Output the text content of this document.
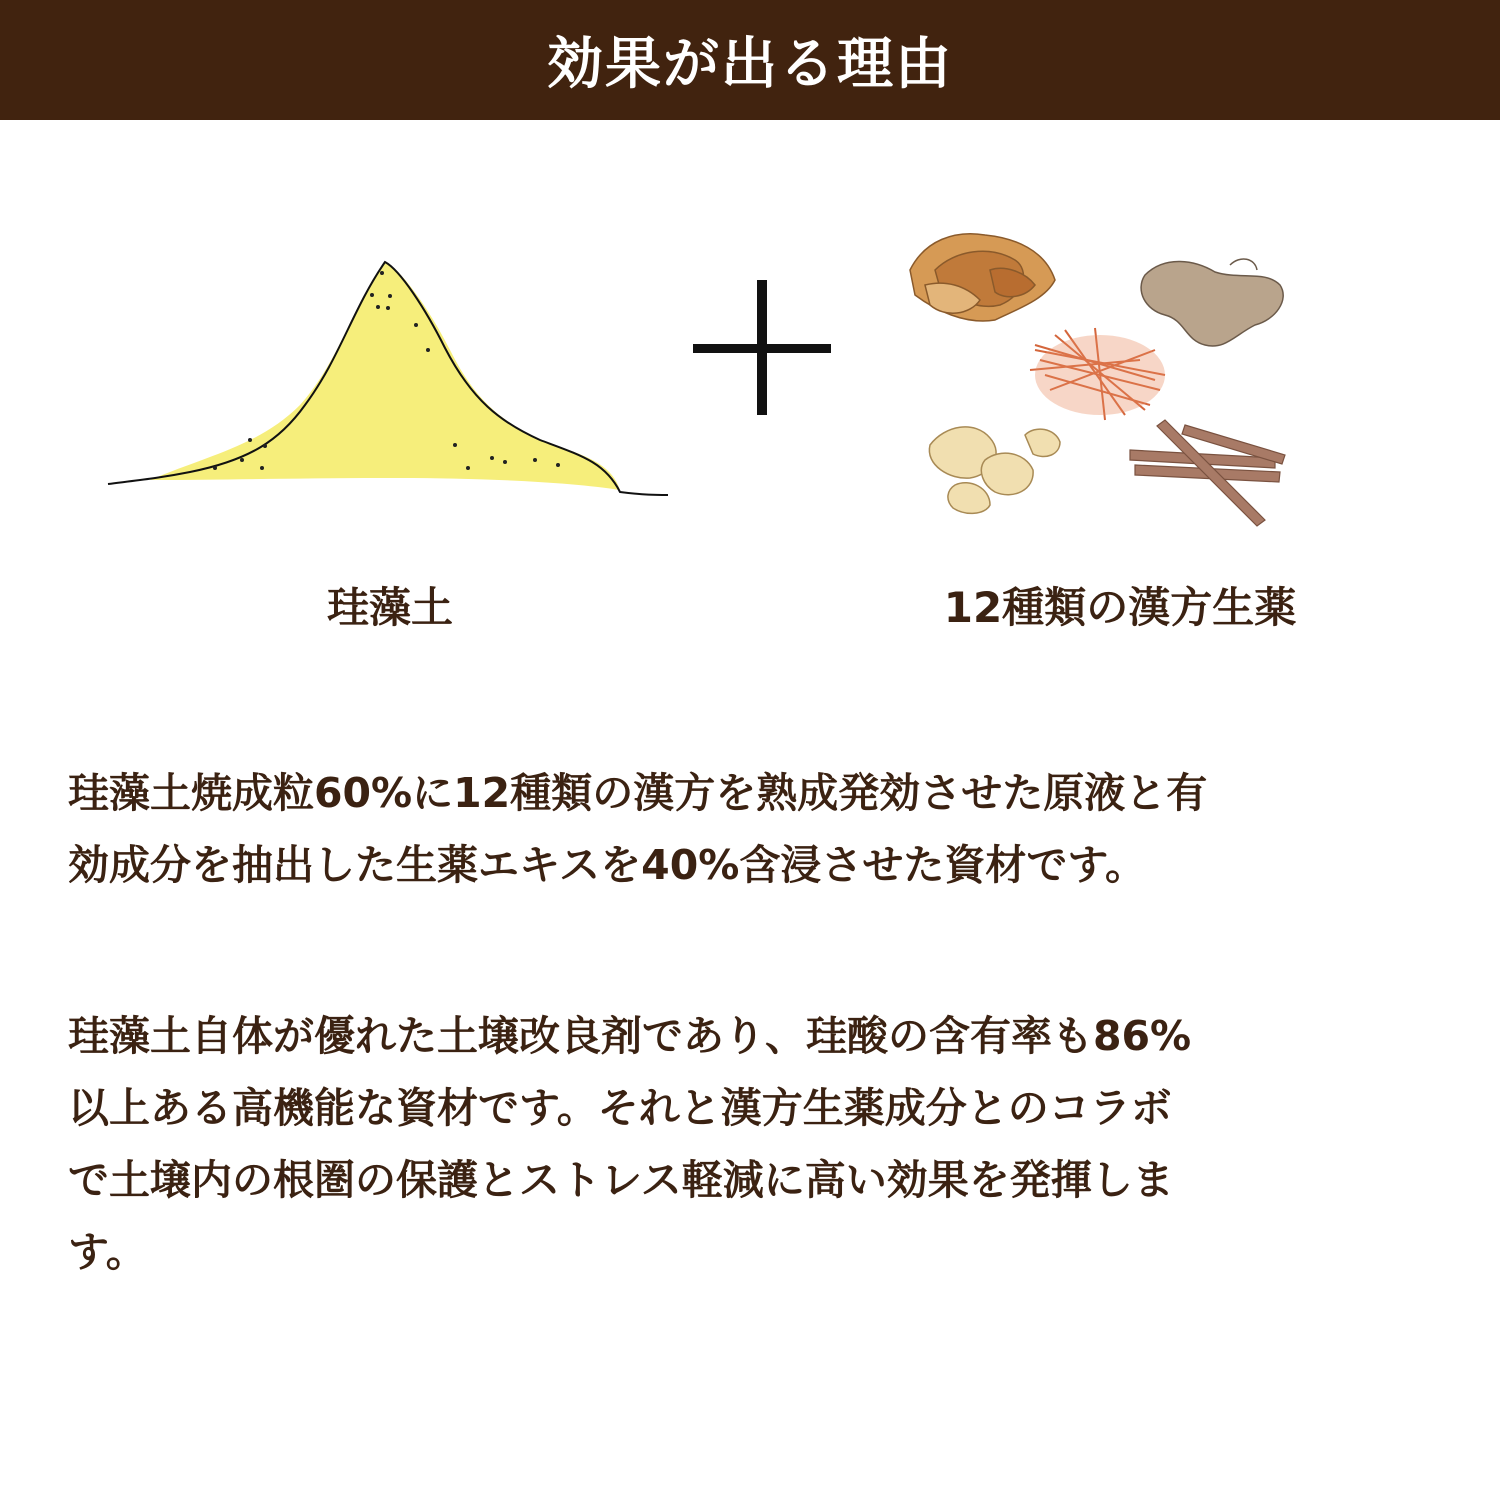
効果が出る理由
珪藻土	12種類の漢方生薬

珪藻土焼成粒60%に12種類の漢方を熟成発効させた原液と有
効成分を抽出した生薬エキスを40%含浸させた資材です。

珪藻土自体が優れた土壌改良剤であり、珪酸の含有率も86%
以上ある高機能な資材です。それと漢方生薬成分とのコラボ
で土壌内の根圏の保護とストレス軽減に高い効果を発揮しま
す。
